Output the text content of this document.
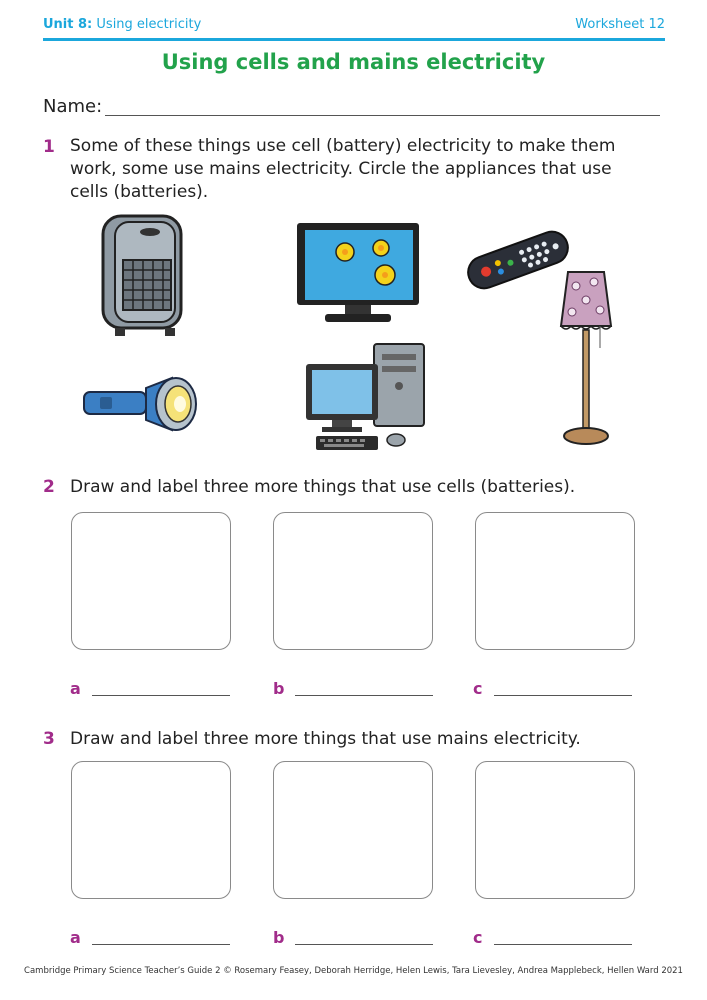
Unit 8: Using electricity	Worksheet 12
Using cells and mains electricity
Name:
1 Some of these things use cell (battery) electricity to make them
work, some use mains electricity. Circle the appliances that use
cells (batteries).
2 Draw and label three more things that use cells (batteries).
a	b	c
3 Draw and label three more things that use mains electricity.
a	b	c
Cambridge Primary Science Teacher’s Guide 2 © Rosemary Feasey, Deborah Herridge, Helen Lewis, Tara Lievesley, Andrea Mapplebeck, Hellen Ward 2021
